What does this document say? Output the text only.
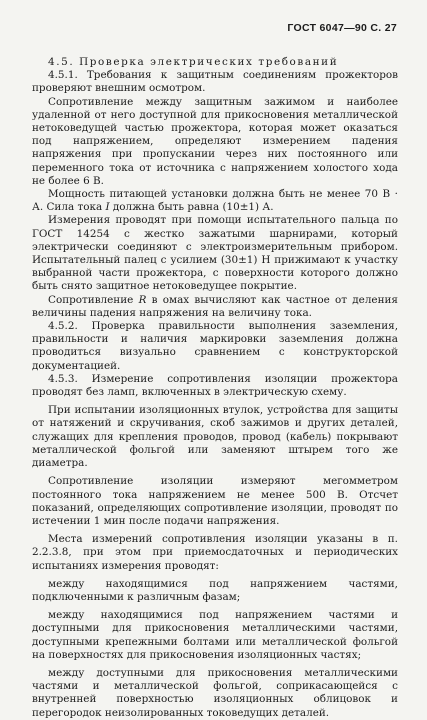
ГОСТ 6047—90 С. 27

4.5. Проверка электрических требований

4.5.1. Требования к защитным соединениям прожекторов проверяют внешним осмотром.

Сопротивление между защитным зажимом и наиболее удаленной от него доступной для прикосновения металлической нетоковедущей частью прожектора, которая может оказаться под напряжением, определяют измерением падения напряжения при пропускании через них постоянного или переменного тока от источника с напряжением холостого хода не более 6 В.

Мощность питающей установки должна быть не менее 70 В · А. Сила тока I должна быть равна (10±1) А.

Измерения проводят при помощи испытательного пальца по ГОСТ 14254 с жестко зажатыми шарнирами, который электрически соединяют с электроизмерительным прибором. Испытательный палец с усилием (30±1) Н прижимают к участку выбранной части прожектора, с поверхности которого должно быть снято защитное нетоковедущее покрытие.

Сопротивление R в омах вычисляют как частное от деления величины падения напряжения на величину тока.

4.5.2. Проверка правильности выполнения заземления, правильности и наличия маркировки заземления должна проводиться визуально сравнением с конструкторской документацией.

4.5.3. Измерение сопротивления изоляции прожектора проводят без ламп, включенных в электрическую схему.

При испытании изоляционных втулок, устройства для защиты от натяжений и скручивания, скоб зажимов и других деталей, служащих для крепления проводов, провод (кабель) покрывают металлической фольгой или заменяют штырем того же диаметра.

Сопротивление изоляции измеряют мегомметром постоянного тока напряжением не менее 500 В. Отсчет показаний, определяющих сопротивление изоляции, проводят по истечении 1 мин после подачи напряжения.

Места измерений сопротивления изоляции указаны в п. 2.2.3.8, при этом при приемосдаточных и периодических испытаниях измерения проводят:

между находящимися под напряжением частями, подключенными к различным фазам;

между находящимися под напряжением частями и доступными для прикосновения металлическими частями, доступными крепежными болтами или металлической фольгой на поверхностях для прикосновения изоляционных частях;

между доступными для прикосновения металлическими частями и металлической фольгой, соприкасающейся с внутренней поверхностью изоляционных облицовок и перегородок неизолированных токоведущих деталей.
